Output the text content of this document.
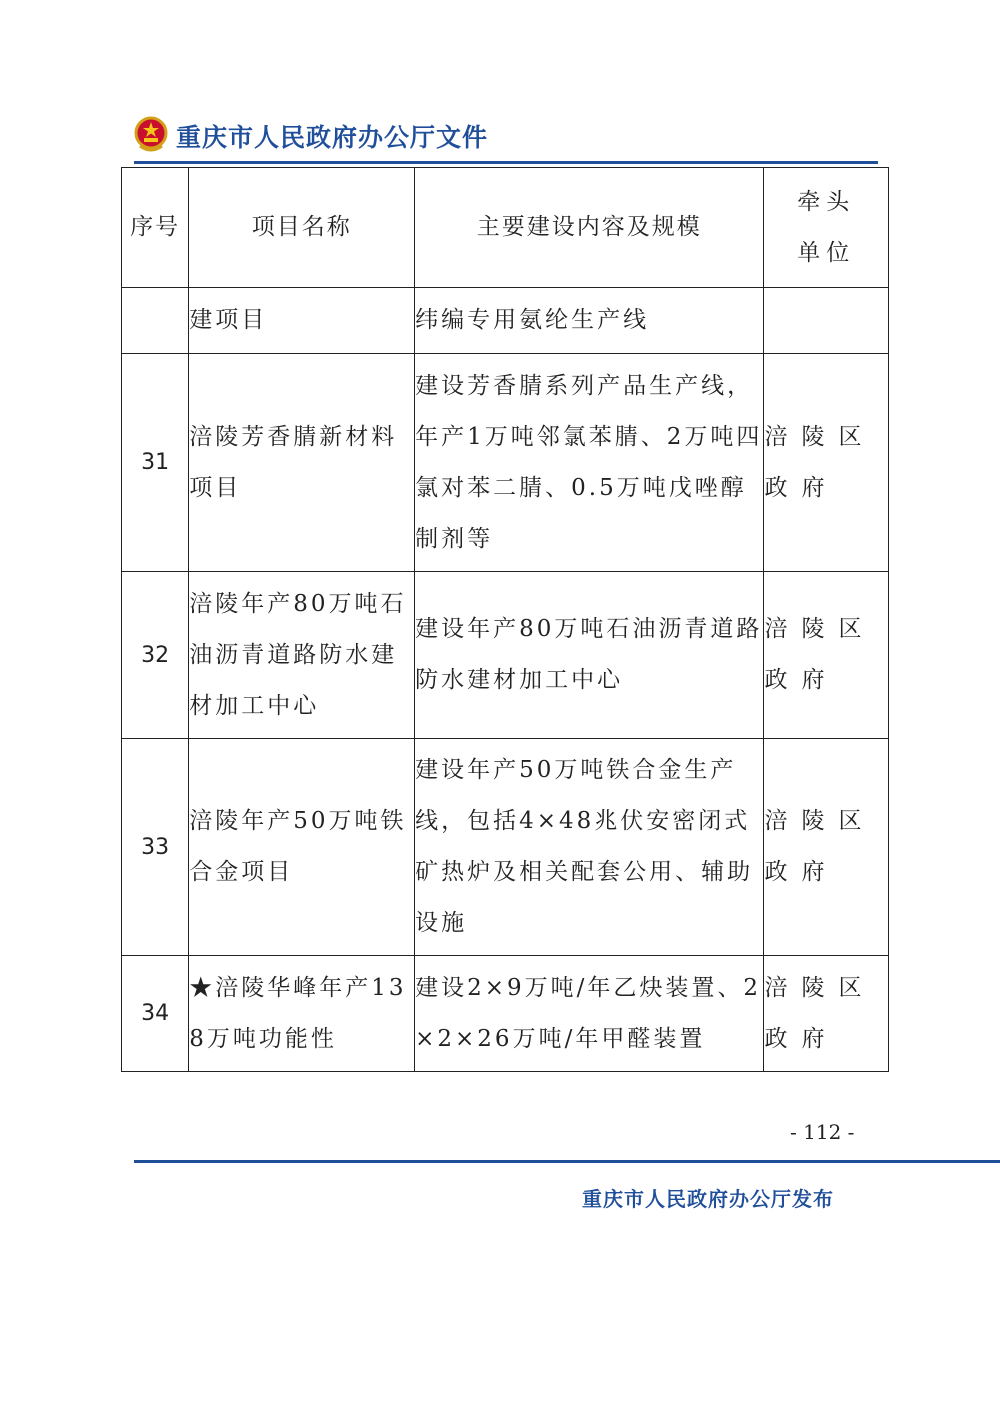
重庆市人民政府办公厅文件
序号	项目名称	主要建设内容及规模	牵头单位
	建项目	纬编专用氨纶生产线	
31	涪陵芳香腈新材料项目	建设芳香腈系列产品生产线，年产1万吨邻氯苯腈、2万吨四氯对苯二腈、0.5万吨戊唑醇制剂等	涪陵区政府
32	涪陵年产80万吨石油沥青道路防水建材加工中心	建设年产80万吨石油沥青道路防水建材加工中心	涪陵区政府
33	涪陵年产50万吨铁合金项目	建设年产50万吨铁合金生产线，包括4×48兆伏安密闭式矿热炉及相关配套公用、辅助设施	涪陵区政府
34	★涪陵华峰年产138万吨功能性	建设2×9万吨/年乙炔装置、2×2×26万吨/年甲醛装置	涪陵区政府
- 112 -
重庆市人民政府办公厅发布
